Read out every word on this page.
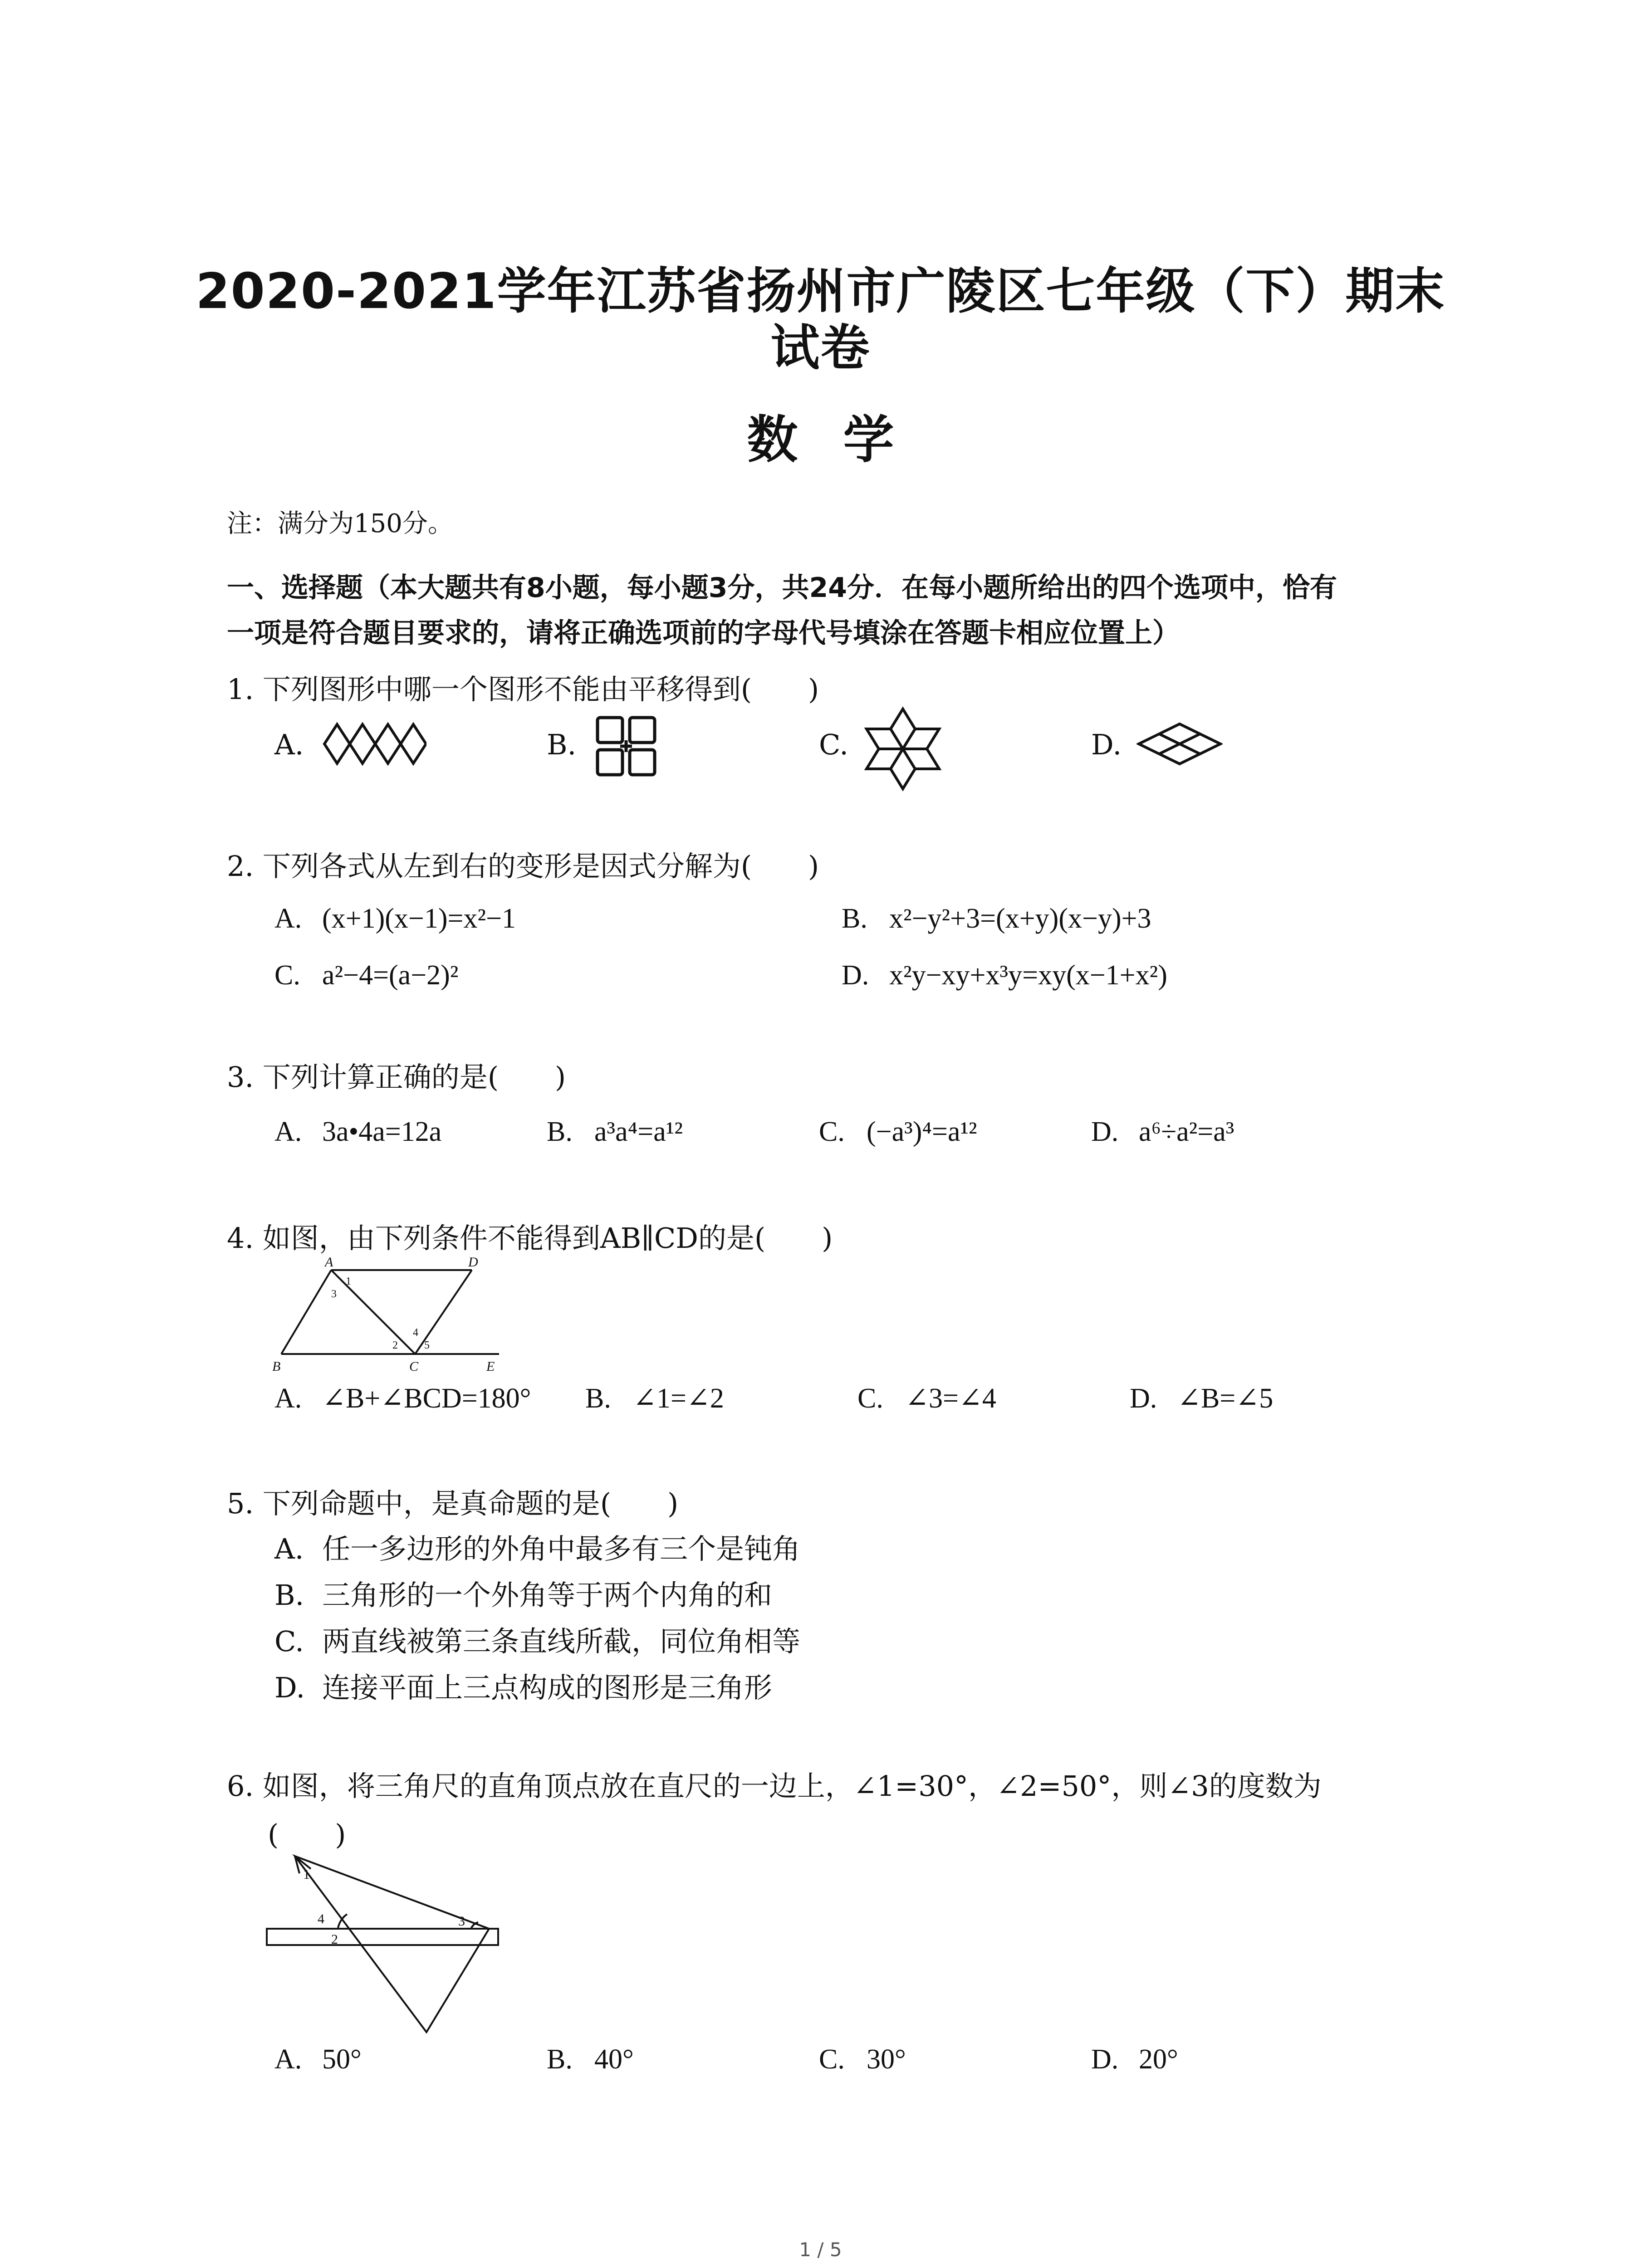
2020-2021学年江苏省扬州市广陵区七年级（下）期末
试卷
数学
注：满分为150分。
一、选择题（本大题共有8小题，每小题3分，共24分．在每小题所给出的四个选项中，恰有
一项是符合题目要求的，请将正确选项前的字母代号填涂在答题卡相应位置上）
1. 下列图形中哪一个图形不能由平移得到(　　)
A.	B.	C.	D.
2. 下列各式从左到右的变形是因式分解为(　　)
A. (x+1)(x−1)=x²−1	B. x²−y²+3=(x+y)(x−y)+3
C. a²−4=(a−2)²	D. x²y−xy+x³y=xy(x−1+x²)
3. 下列计算正确的是(　　)
A. 3a•4a=12a	B. a³a⁴=a¹²	C. (−a³)⁴=a¹²	D. a⁶÷a²=a³
4. 如图，由下列条件不能得到AB∥CD的是(　　)
A	D
B	C	E
1
3
4
2 5
A. ∠B+∠BCD=180° B. ∠1=∠2	C. ∠3=∠4	D. ∠B=∠5
5. 下列命题中，是真命题的是(　　)
A. 任一多边形的外角中最多有三个是钝角
B. 三角形的一个外角等于两个内角的和
C. 两直线被第三条直线所截，同位角相等
D. 连接平面上三点构成的图形是三角形
6. 如图，将三角尺的直角顶点放在直尺的一边上，∠1=30°，∠2=50°，则∠3的度数为
(　　)
1
4
2
3
A. 50°	B. 40°	C. 30°	D. 20°
1 / 5
